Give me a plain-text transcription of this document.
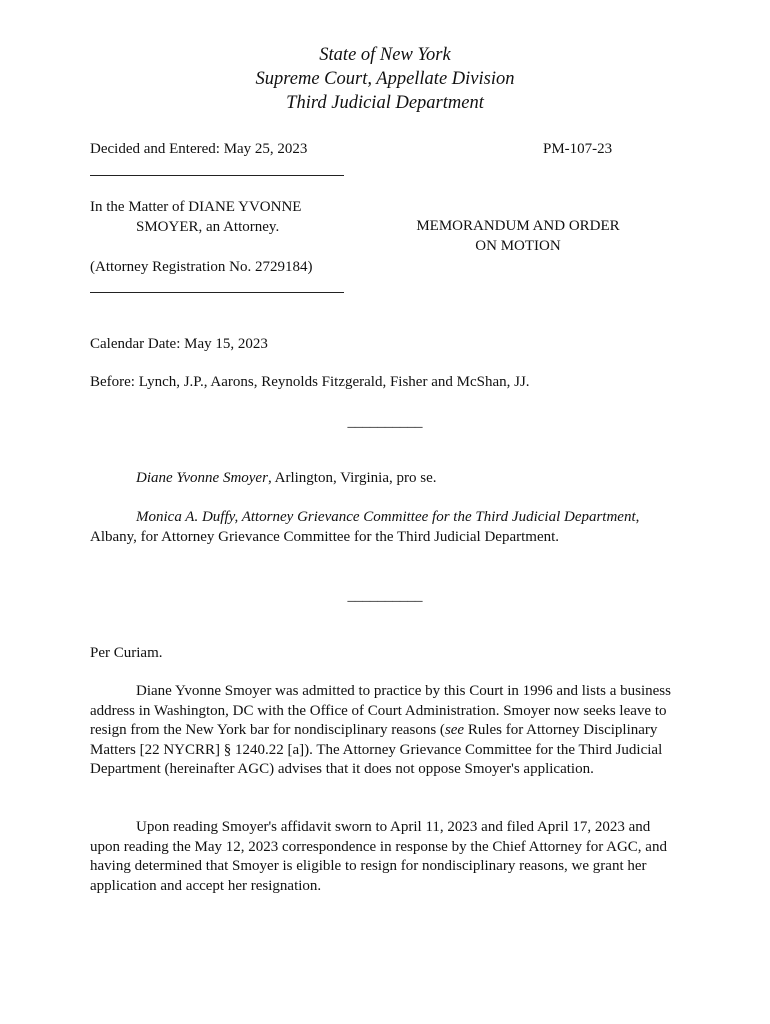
State of New York
Supreme Court, Appellate Division
Third Judicial Department
Decided and Entered: May 25, 2023	PM-107-23
In the Matter of DIANE YVONNE
SMOYER, an Attorney.
(Attorney Registration No. 2729184)
MEMORANDUM AND ORDER
ON MOTION
Calendar Date: May 15, 2023
Before: Lynch, J.P., Aarons, Reynolds Fitzgerald, Fisher and McShan, JJ.
__________
Diane Yvonne Smoyer, Arlington, Virginia, pro se.
Monica A. Duffy, Attorney Grievance Committee for the Third Judicial Department, Albany, for Attorney Grievance Committee for the Third Judicial Department.
__________
Per Curiam.
Diane Yvonne Smoyer was admitted to practice by this Court in 1996 and lists a business address in Washington, DC with the Office of Court Administration. Smoyer now seeks leave to resign from the New York bar for nondisciplinary reasons (see Rules for Attorney Disciplinary Matters [22 NYCRR] § 1240.22 [a]). The Attorney Grievance Committee for the Third Judicial Department (hereinafter AGC) advises that it does not oppose Smoyer's application.
Upon reading Smoyer's affidavit sworn to April 11, 2023 and filed April 17, 2023 and upon reading the May 12, 2023 correspondence in response by the Chief Attorney for AGC, and having determined that Smoyer is eligible to resign for nondisciplinary reasons, we grant her application and accept her resignation.
